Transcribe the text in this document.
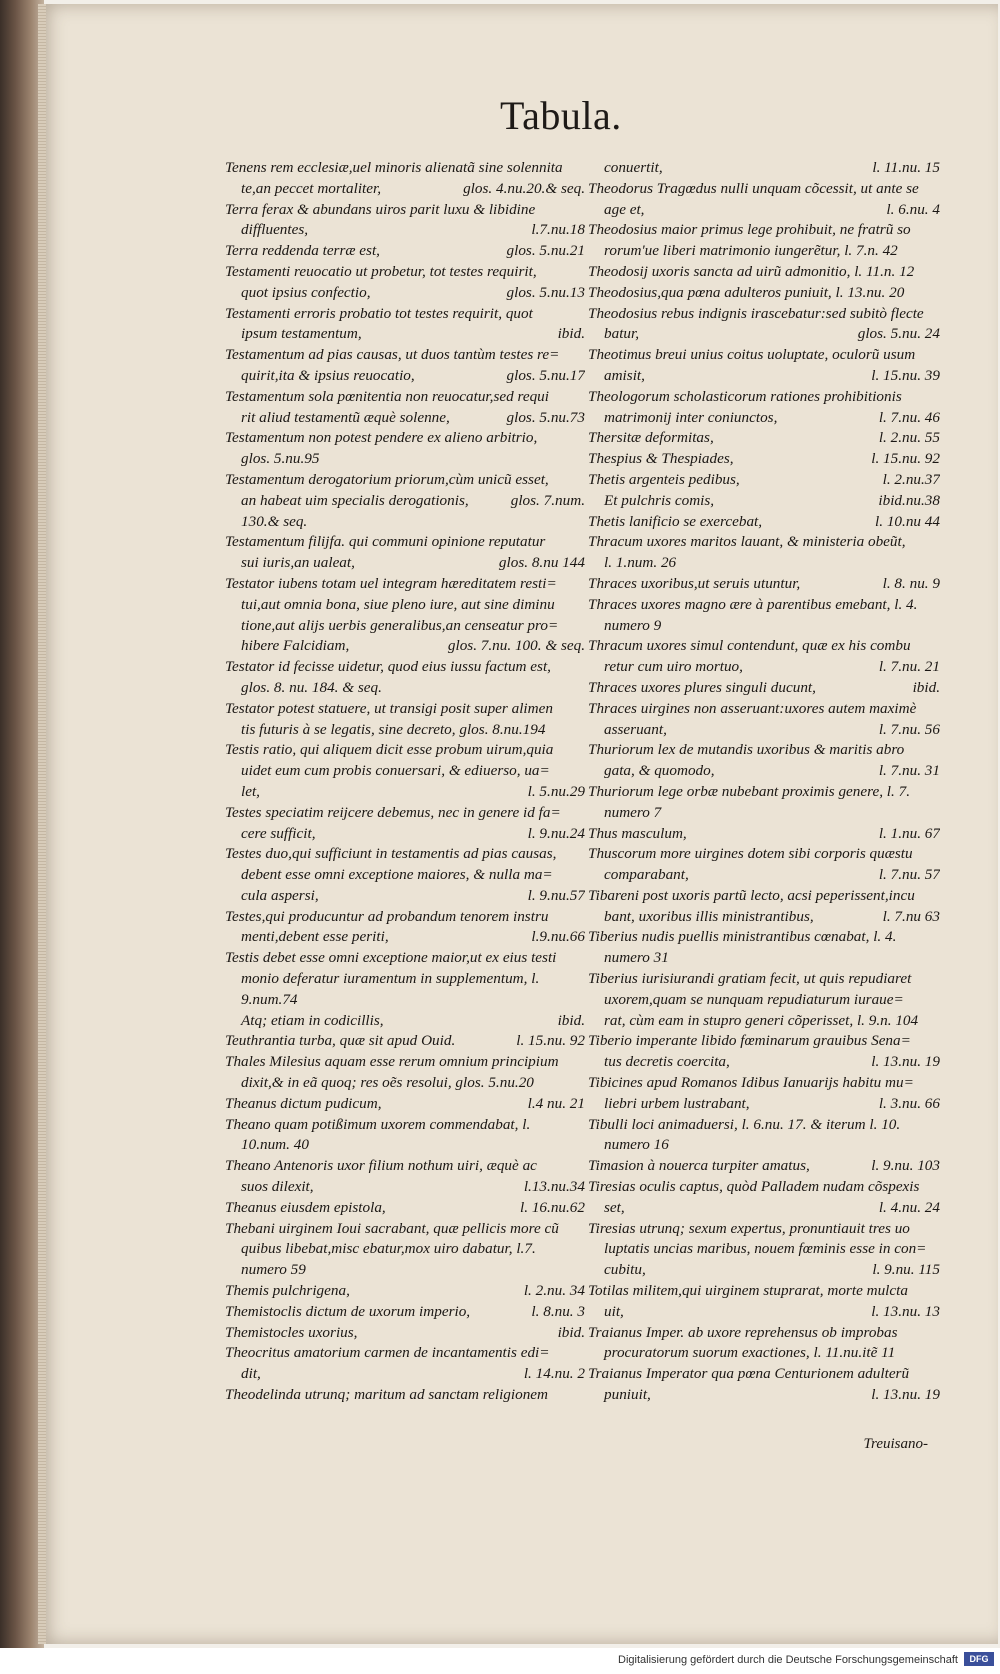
Tabula.
Tenens rem ecclesiæ,uel minoris alienatã sine solennita
te,an peccet mortaliter,	glos. 4.nu.20.& seq.
Terra ferax & abundans uiros parit luxu & libidine
diffluentes,	l.7.nu.18
Terra reddenda terræ est,	glos. 5.nu.21
Testamenti reuocatio ut probetur, tot testes requirit,
quot ipsius confectio,	glos. 5.nu.13
Testamenti erroris probatio tot testes requirit, quot
ipsum testamentum,	ibid.
Testamentum ad pias causas, ut duos tantùm testes re=
quirit,ita & ipsius reuocatio,	glos. 5.nu.17
Testamentum sola pœnitentia non reuocatur,sed requi
rit aliud testamentũ æquè solenne,	glos. 5.nu.73
Testamentum non potest pendere ex alieno arbitrio,
glos. 5.nu.95
Testamentum derogatorium priorum,cùm unicũ esset,
an habeat uim specialis derogationis,	glos. 7.num.
130.& seq.
Testamentum filijfa. qui communi opinione reputatur
sui iuris,an ualeat,	glos. 8.nu 144
Testator iubens totam uel integram hæreditatem resti=
tui,aut omnia bona, siue pleno iure, aut sine diminu
tione,aut alijs uerbis generalibus,an censeatur pro=
hibere Falcidiam,	glos. 7.nu. 100. & seq.
Testator id fecisse uidetur, quod eius iussu factum est,
glos. 8. nu. 184. & seq.
Testator potest statuere, ut transigi posit super alimen
tis futuris à se legatis, sine decreto, glos. 8.nu.194
Testis ratio, qui aliquem dicit esse probum uirum,quia
uidet eum cum probis conuersari, & ediuerso, ua=
let,	l. 5.nu.29
Testes speciatim reijcere debemus, nec in genere id fa=
cere sufficit,	l. 9.nu.24
Testes duo,qui sufficiunt in testamentis ad pias causas,
debent esse omni exceptione maiores, & nulla ma=
cula aspersi,	l. 9.nu.57
Testes,qui producuntur ad probandum tenorem instru
menti,debent esse periti,	l.9.nu.66
Testis debet esse omni exceptione maior,ut ex eius testi
monio deferatur iuramentum in supplementum, l.
9.num.74
Atq; etiam in codicillis,	ibid.
Teuthrantia turba, quæ sit apud Ouid.	l. 15.nu. 92
Thales Milesius aquam esse rerum omnium principium
dixit,& in eã quoq; res oẽs resolui, glos. 5.nu.20
Theanus dictum pudicum,	l.4 nu. 21
Theano quam potißimum uxorem commendabat, l.
10.num. 40
Theano Antenoris uxor filium nothum uiri, æquè ac
suos dilexit,	l.13.nu.34
Theanus eiusdem epistola,	l. 16.nu.62
Thebani uirginem Ioui sacrabant, quæ pellicis more cũ
quibus libebat,misc ebatur,mox uiro dabatur, l.7.
numero 59
Themis pulchrigena,	l. 2.nu. 34
Themistoclis dictum de uxorum imperio,	l. 8.nu. 3
Themistocles uxorius,	ibid.
Theocritus amatorium carmen de incantamentis edi=
dit,	l. 14.nu. 2
Theodelinda utrunq; maritum ad sanctam religionem
conuertit,	l. 11.nu. 15
Theodorus Tragœdus nulli unquam cõcessit, ut ante se
age et,	l. 6.nu. 4
Theodosius maior primus lege prohibuit, ne fratrũ so
rorum'ue liberi matrimonio iungerẽtur, l. 7.n. 42
Theodosij uxoris sancta ad uirũ admonitio, l. 11.n. 12
Theodosius,qua pœna adulteros puniuit, l. 13.nu. 20
Theodosius rebus indignis irascebatur:sed subitò flecte
batur,	glos. 5.nu. 24
Theotimus breui unius coitus uoluptate, oculorũ usum
amisit,	l. 15.nu. 39
Theologorum scholasticorum rationes prohibitionis
matrimonij inter coniunctos,	l. 7.nu. 46
Thersitæ deformitas,	l. 2.nu. 55
Thespius & Thespiades,	l. 15.nu. 92
Thetis argenteis pedibus,	l. 2.nu.37
Et pulchris comis,	ibid.nu.38
Thetis lanificio se exercebat,	l. 10.nu 44
Thracum uxores maritos lauant, & ministeria obeũt,
l. 1.num. 26
Thraces uxoribus,ut seruis utuntur,	l. 8. nu. 9
Thraces uxores magno ære à parentibus emebant, l. 4.
numero 9
Thracum uxores simul contendunt, quæ ex his combu
retur cum uiro mortuo,	l. 7.nu. 21
Thraces uxores plures singuli ducunt,	ibid.
Thraces uirgines non asseruant:uxores autem maximè
asseruant,	l. 7.nu. 56
Thuriorum lex de mutandis uxoribus & maritis abro
gata, & quomodo,	l. 7.nu. 31
Thuriorum lege orbæ nubebant proximis genere, l. 7.
numero 7
Thus masculum,	l. 1.nu. 67
Thuscorum more uirgines dotem sibi corporis quæstu
comparabant,	l. 7.nu. 57
Tibareni post uxoris partũ lecto, acsi peperissent,incu
bant, uxoribus illis ministrantibus,	l. 7.nu 63
Tiberius nudis puellis ministrantibus cœnabat, l. 4.
numero 31
Tiberius iurisiurandi gratiam fecit, ut quis repudiaret
uxorem,quam se nunquam repudiaturum iuraue=
rat, cùm eam in stupro generi cõperisset, l. 9.n. 104
Tiberio imperante libido fœminarum grauibus Sena=
tus decretis coercita,	l. 13.nu. 19
Tibicines apud Romanos Idibus Ianuarijs habitu mu=
liebri urbem lustrabant,	l. 3.nu. 66
Tibulli loci animaduersi, l. 6.nu. 17. & iterum l. 10.
numero 16
Timasion à nouerca turpiter amatus,	l. 9.nu. 103
Tiresias oculis captus, quòd Palladem nudam cõspexis
set,	l. 4.nu. 24
Tiresias utrunq; sexum expertus, pronuntiauit tres uo
luptatis uncias maribus, nouem fœminis esse in con=
cubitu,	l. 9.nu. 115
Totilas militem,qui uirginem stuprarat, morte mulcta
uit,	l. 13.nu. 13
Traianus Imper. ab uxore reprehensus ob improbas
procuratorum suorum exactiones, l. 11.nu.itẽ 11
Traianus Imperator qua pœna Centurionem adulterũ
puniuit,	l. 13.nu. 19
Treuisano-
Digitalisierung gefördert durch die Deutsche Forschungsgemeinschaft	DFG
